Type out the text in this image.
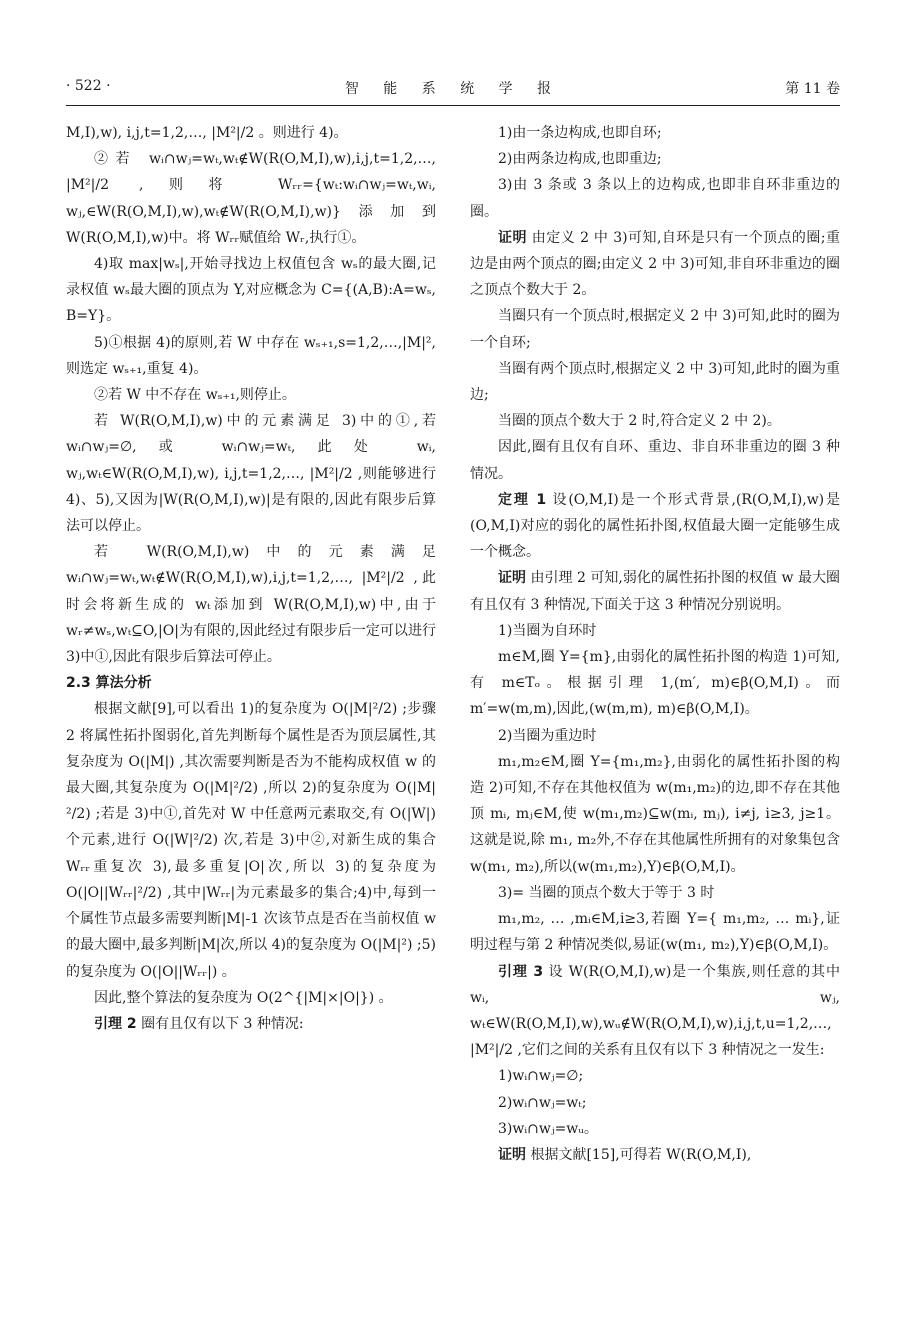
· 522 ·	智 能 系 统 学 报	第 11 卷

M,I),w), i,j,t=1,2,…, |M²|/2 。则进行 4)。

②若 wᵢ∩wⱼ=wₜ,wₜ∉W(R(O,M,I),w),i,j,t=1,2,…, |M²|/2 ,则将 Wᵣᵣ={wₜ:wᵢ∩wⱼ=wₜ,wᵢ, wⱼ,∈W(R(O,M,I),w),wₜ∉W(R(O,M,I),w)}添加到 W(R(O,M,I),w)中。将 Wᵣᵣ赋值给 Wᵣ,执行①。

4)取 max|wₛ|,开始寻找边上权值包含 wₛ的最大圈,记录权值 wₛ最大圈的顶点为 Y,对应概念为 C={(A,B):A=wₛ, B=Y}。

5)①根据 4)的原则,若 W 中存在 wₛ₊₁,s=1,2,…,|M|²,则选定 wₛ₊₁,重复 4)。

②若 W 中不存在 wₛ₊₁,则停止。

若 W(R(O,M,I),w)中的元素满足 3)中的①,若 wᵢ∩wⱼ=∅,或 wᵢ∩wⱼ=wₜ,此处 wᵢ, wⱼ,wₜ∈W(R(O,M,I),w), i,j,t=1,2,…, |M²|/2 ,则能够进行 4)、5),又因为|W(R(O,M,I),w)|是有限的,因此有限步后算法可以停止。

若 W(R(O,M,I),w)中的元素满足 wᵢ∩wⱼ=wₜ,wₜ∉W(R(O,M,I),w),i,j,t=1,2,…, |M²|/2 ,此时会将新生成的 wₜ添加到 W(R(O,M,I),w)中,由于 wᵣ≠wₛ,wₜ⊆O,|O|为有限的,因此经过有限步后一定可以进行 3)中①,因此有限步后算法可停止。

2.3 算法分析

根据文献[9],可以看出 1)的复杂度为 O(|M|²/2) ;步骤 2 将属性拓扑图弱化,首先判断每个属性是否为顶层属性,其复杂度为 O(|M|) ,其次需要判断是否为不能构成权值 w 的最大圈,其复杂度为 O(|M|²/2) ,所以 2)的复杂度为 O(|M|²/2) ;若是 3)中①,首先对 W 中任意两元素取交,有 O(|W|) 个元素,进行 O(|W|²/2) 次,若是 3)中②,对新生成的集合 Wᵣᵣ重复次 3),最多重复|O|次,所以 3)的复杂度为 O(|O||Wᵣᵣ|²/2) ,其中|Wᵣᵣ|为元素最多的集合;4)中,每到一个属性节点最多需要判断|M|-1 次该节点是否在当前权值 w 的最大圈中,最多判断|M|次,所以 4)的复杂度为 O(|M|²) ;5)的复杂度为 O(|O||Wᵣᵣ|) 。

因此,整个算法的复杂度为 O(2^{|M|×|O|}) 。

引理 2 圈有且仅有以下 3 种情况:

1)由一条边构成,也即自环;

2)由两条边构成,也即重边;

3)由 3 条或 3 条以上的边构成,也即非自环非重边的圈。

证明 由定义 2 中 3)可知,自环是只有一个顶点的圈;重边是由两个顶点的圈;由定义 2 中 3)可知,非自环非重边的圈之顶点个数大于 2。

当圈只有一个顶点时,根据定义 2 中 3)可知,此时的圈为一个自环;

当圈有两个顶点时,根据定义 2 中 3)可知,此时的圈为重边;

当圈的顶点个数大于 2 时,符合定义 2 中 2)。

因此,圈有且仅有自环、重边、非自环非重边的圈 3 种情况。

定理 1 设(O,M,I)是一个形式背景,(R(O,M,I),w)是(O,M,I)对应的弱化的属性拓扑图,权值最大圈一定能够生成一个概念。

证明 由引理 2 可知,弱化的属性拓扑图的权值 w 最大圈有且仅有 3 种情况,下面关于这 3 种情况分别说明。

1)当圈为自环时

m∈M,圈 Y={m},由弱化的属性拓扑图的构造 1)可知,有 m∈Tₒ。根据引理 1,(m′, m)∈β(O,M,I)。而 m′=w(m,m),因此,(w(m,m), m)∈β(O,M,I)。

2)当圈为重边时

m₁,m₂∈M,圈 Y={m₁,m₂},由弱化的属性拓扑图的构造 2)可知,不存在其他权值为 w(m₁,m₂)的边,即不存在其他顶 mᵢ, mⱼ∈M,使 w(m₁,m₂)⊆w(mᵢ, mⱼ), i≠j, i≥3, j≥1。这就是说,除 m₁, m₂外,不存在其他属性所拥有的对象集包含 w(m₁, m₂),所以(w(m₁,m₂),Y)∈β(O,M,I)。

3)= 当圈的顶点个数大于等于 3 时

m₁,m₂, … ,mᵢ∈M,i≥3,若圈 Y={ m₁,m₂, … mᵢ},证明过程与第 2 种情况类似,易证(w(m₁, m₂),Y)∈β(O,M,I)。

引理 3 设 W(R(O,M,I),w)是一个集族,则任意的其中 wᵢ, wⱼ, wₜ∈W(R(O,M,I),w),wᵤ∉W(R(O,M,I),w),i,j,t,u=1,2,…, |M²|/2 ,它们之间的关系有且仅有以下 3 种情况之一发生:

1)wᵢ∩wⱼ=∅;

2)wᵢ∩wⱼ=wₜ;

3)wᵢ∩wⱼ=wᵤ。

证明 根据文献[15],可得若 W(R(O,M,I),
